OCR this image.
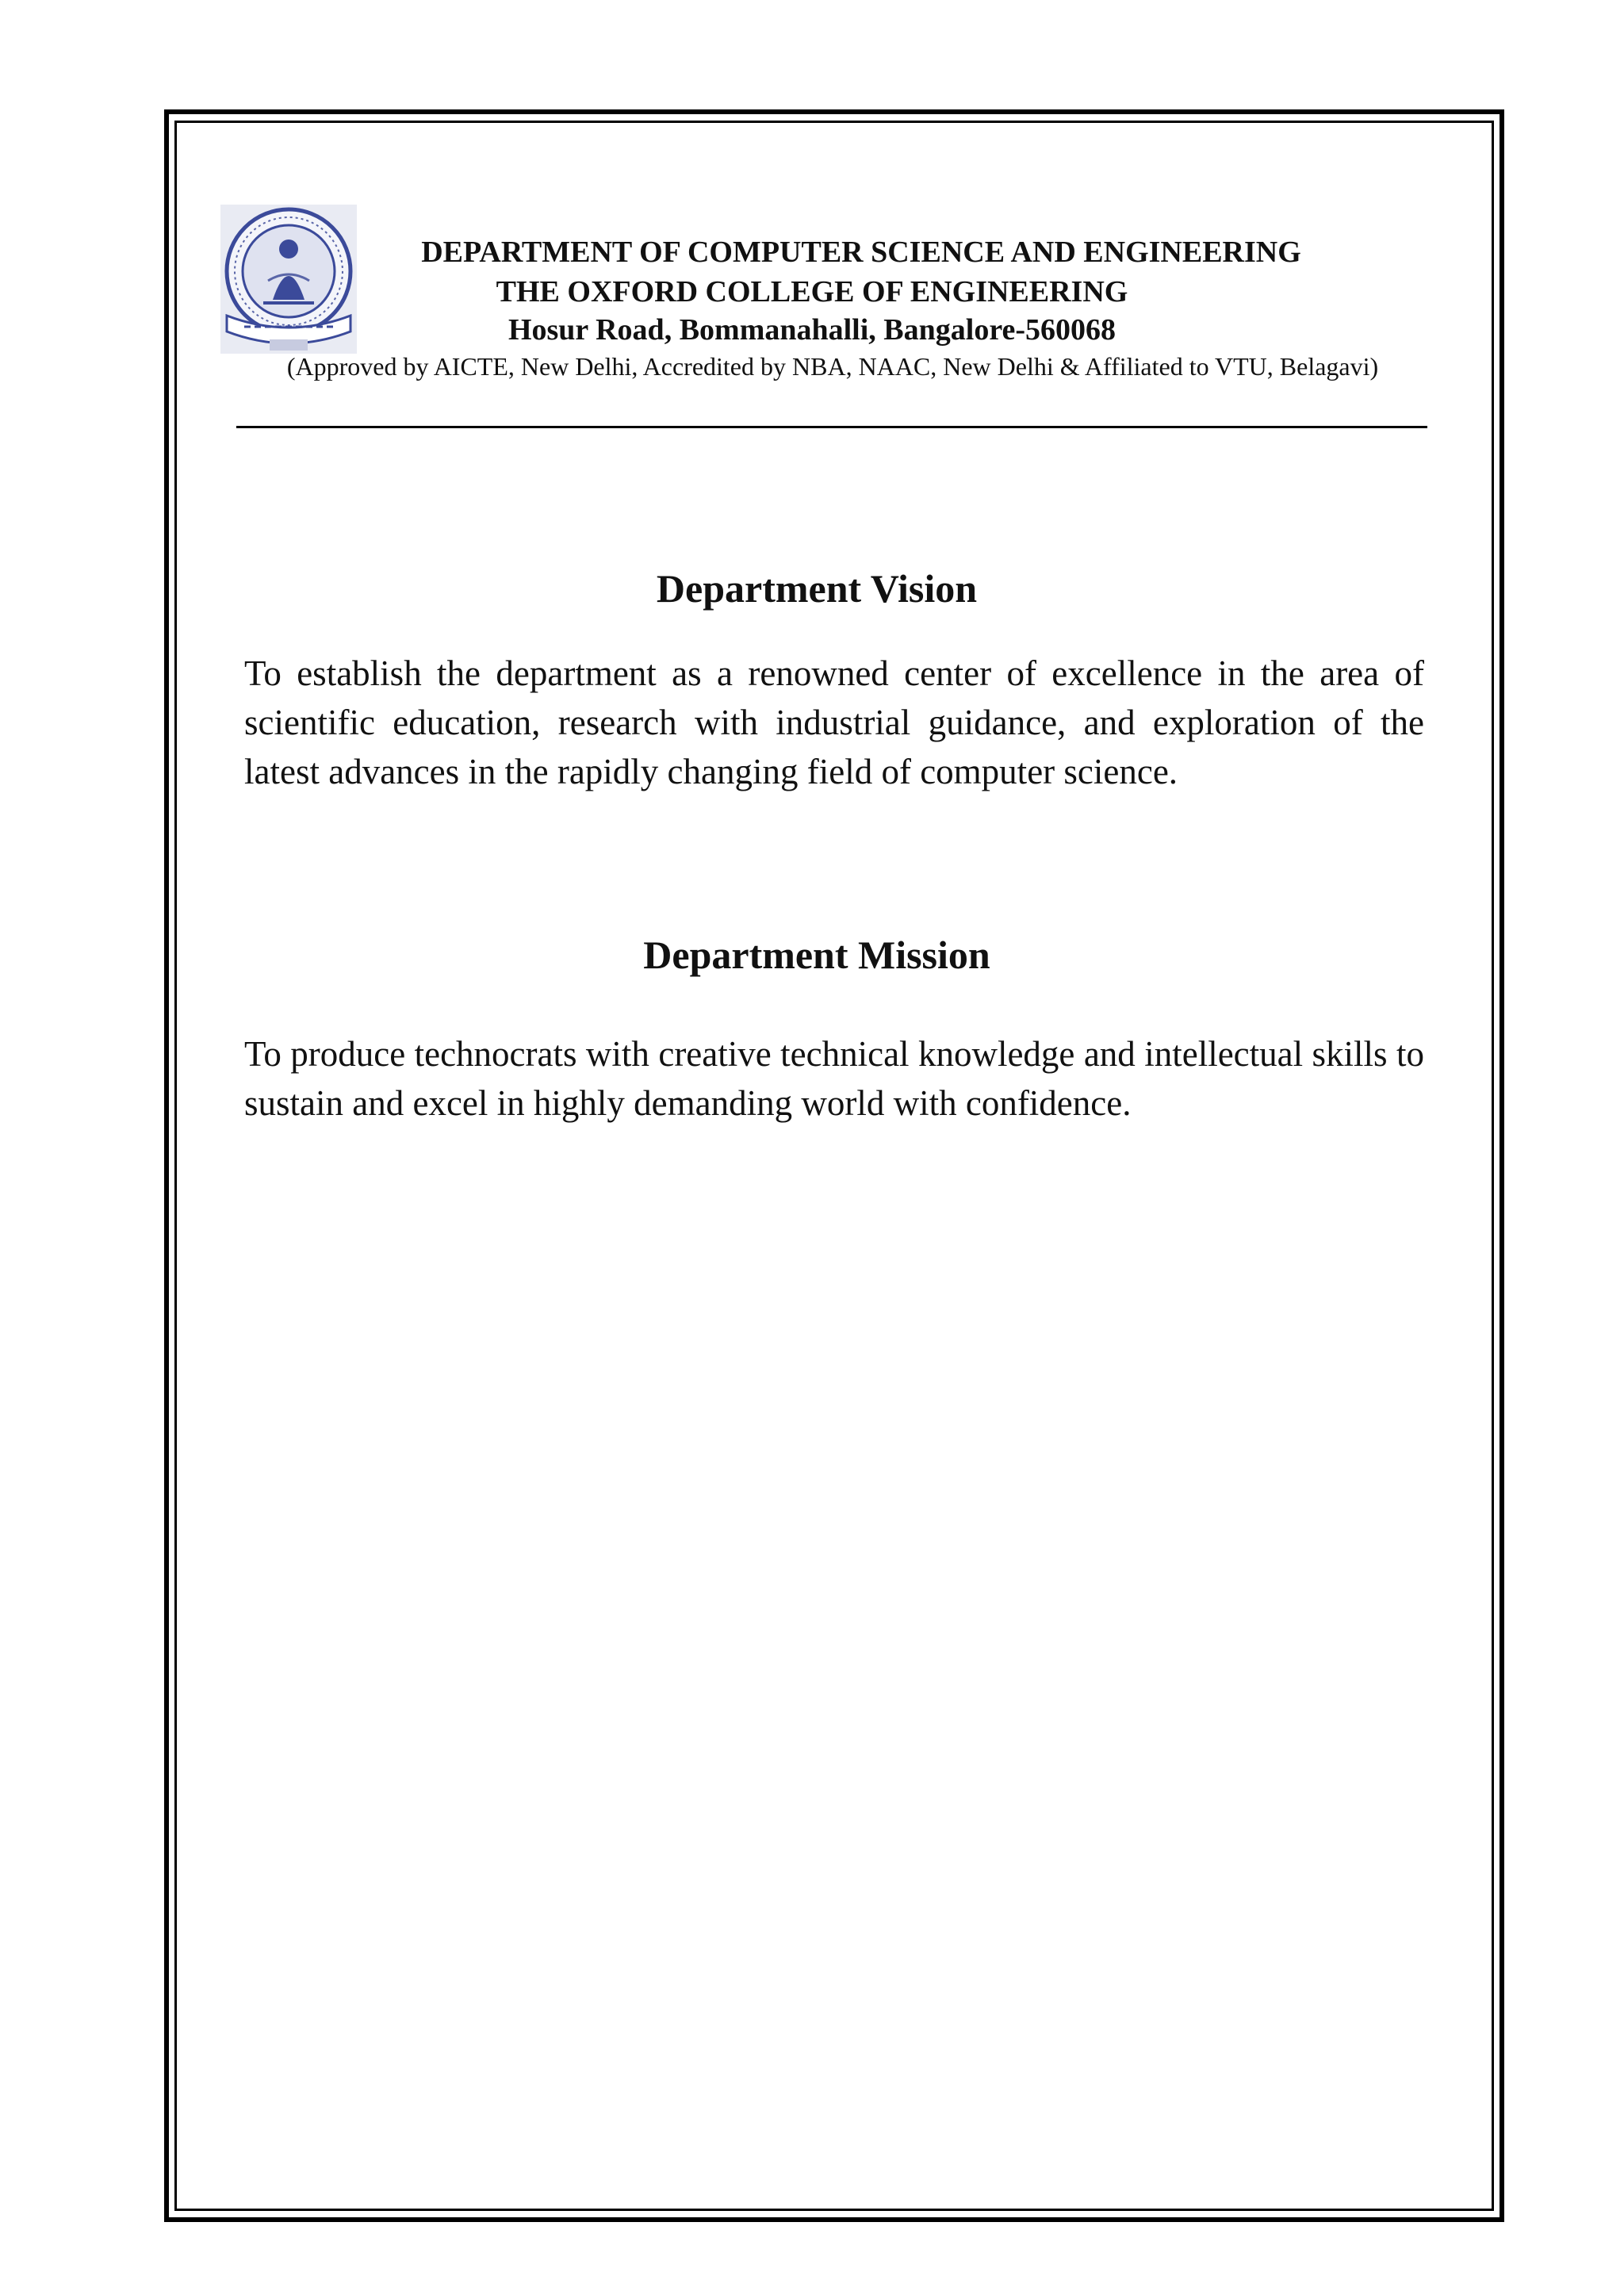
DEPARTMENT OF COMPUTER SCIENCE AND ENGINEERING
THE OXFORD COLLEGE OF ENGINEERING
Hosur Road, Bommanahalli, Bangalore-560068
(Approved by AICTE, New Delhi, Accredited by NBA, NAAC, New Delhi & Affiliated to VTU, Belagavi)
Department Vision
To establish the department as a renowned center of excellence in the area of scientific education, research with industrial guidance, and exploration of the latest advances in the rapidly changing field of computer science.
Department Mission
To produce technocrats with creative technical knowledge and intellectual skills to sustain and excel in highly demanding world with confidence.
